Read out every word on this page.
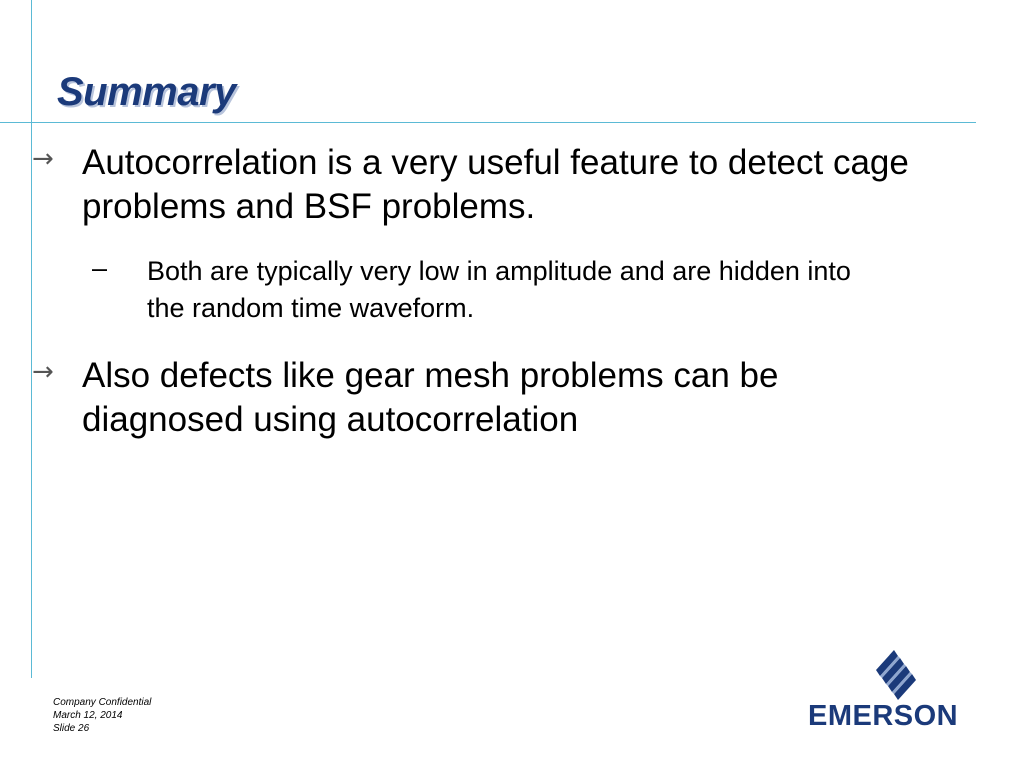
Summary
→ Autocorrelation is a very useful feature to detect cage problems and BSF problems.
– Both are typically very low in amplitude and are hidden into the random time waveform.
→ Also defects like gear mesh problems can be diagnosed using autocorrelation
Company Confidential
March 12, 2014
Slide 26	EMERSON
